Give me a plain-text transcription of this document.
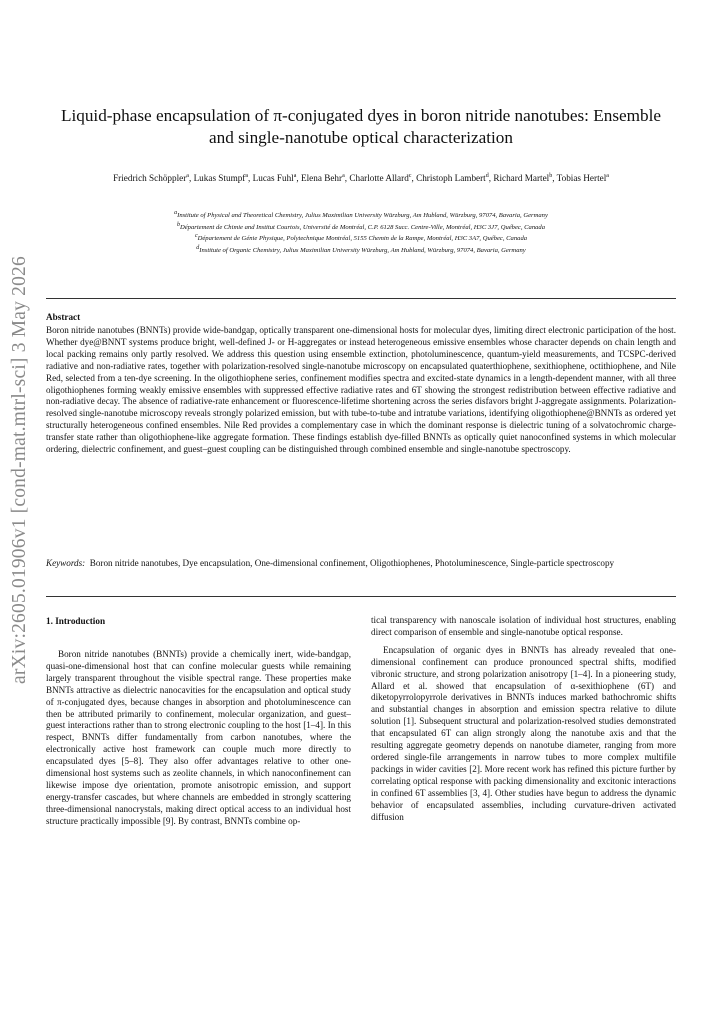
arXiv:2605.01906v1 [cond-mat.mtrl-sci] 3 May 2026
Liquid-phase encapsulation of π-conjugated dyes in boron nitride nanotubes: Ensemble and single-nanotube optical characterization
Friedrich Schöppler$^a$, Lukas Stumpf$^a$, Lucas Fuhl$^a$, Elena Behr$^a$, Charlotte Allard$^c$, Christoph Lambert$^d$, Richard Martel$^b$, Tobias Hertel$^a$
$^a$Institute of Physical and Theoretical Chemistry, Julius Maximilian University Würzburg, Am Hubland, Würzburg, 97074, Bavaria, Germany
$^b$Département de Chimie and Institut Courtois, Université de Montréal, C.P. 6128 Succ. Centre-Ville, Montréal, H3C 3J7, Québec, Canada
$^c$Département de Génie Physique, Polytechnique Montréal, 5155 Chemin de la Rampe, Montréal, H3C 3A7, Québec, Canada
$^d$Institute of Organic Chemistry, Julius Maximilian University Würzburg, Am Hubland, Würzburg, 97074, Bavaria, Germany
Abstract
Boron nitride nanotubes (BNNTs) provide wide-bandgap, optically transparent one-dimensional hosts for molecular dyes, limiting direct electronic participation of the host. Whether dye@BNNT systems produce bright, well-defined J- or H-aggregates or instead heterogeneous emissive ensembles whose character depends on chain length and local packing remains only partly resolved. We address this question using ensemble extinction, photoluminescence, quantum-yield measurements, and TCSPC-derived radiative and non-radiative rates, together with polarization-resolved single-nanotube microscopy on encapsulated quaterthiophene, sexithiophene, octithiophene, and Nile Red, selected from a ten-dye screening. In the oligothiophene series, confinement modifies spectra and excited-state dynamics in a length-dependent manner, with all three oligothiophenes forming weakly emissive ensembles with suppressed effective radiative rates and 6T showing the strongest redistribution between effective radiative and non-radiative decay. The absence of radiative-rate enhancement or fluorescence-lifetime shortening across the series disfavors bright J-aggregate assignments. Polarization-resolved single-nanotube microscopy reveals strongly polarized emission, but with tube-to-tube and intratube variations, identifying oligothiophene@BNNTs as ordered yet structurally heterogeneous confined ensembles. Nile Red provides a complementary case in which the dominant response is dielectric tuning of a solvatochromic charge-transfer state rather than oligothiophene-like aggregate formation. These findings establish dye-filled BNNTs as optically quiet nanoconfined systems in which molecular ordering, dielectric confinement, and guest–guest coupling can be distinguished through combined ensemble and single-nanotube spectroscopy.
Keywords: Boron nitride nanotubes, Dye encapsulation, One-dimensional confinement, Oligothiophenes, Photoluminescence, Single-particle spectroscopy
1. Introduction

Boron nitride nanotubes (BNNTs) provide a chemically inert, wide-bandgap, quasi-one-dimensional host that can confine molecular guests while remaining largely transparent throughout the visible spectral range. These properties make BNNTs attractive as dielectric nanocavities for the encapsulation and optical study of π-conjugated dyes, because changes in absorption and photoluminescence can then be attributed primarily to confinement, molecular organization, and guest–guest interactions rather than to strong electronic coupling to the host [1–4]. In this respect, BNNTs differ fundamentally from carbon nanotubes, where the electronically active host framework can couple much more directly to encapsulated dyes [5–8]. They also offer advantages relative to other one-dimensional host systems such as zeolite channels, in which nanoconfinement can likewise impose dye orientation, promote anisotropic emission, and support energy-transfer cascades, but where channels are embedded in strongly scattering three-dimensional nanocrystals, making direct optical access to an individual host structure practically impossible [9]. By contrast, BNNTs combine op-

tical transparency with nanoscale isolation of individual host structures, enabling direct comparison of ensemble and single-nanotube optical response.

Encapsulation of organic dyes in BNNTs has already revealed that one-dimensional confinement can produce pronounced spectral shifts, modified vibronic structure, and strong polarization anisotropy [1–4]. In a pioneering study, Allard et al. showed that encapsulation of α-sexithiophene (6T) and diketopyrrolopyrrole derivatives in BNNTs induces marked bathochromic shifts and substantial changes in absorption and emission spectra relative to dilute solution [1]. Subsequent structural and polarization-resolved studies demonstrated that encapsulated 6T can align strongly along the nanotube axis and that the resulting aggregate geometry depends on nanotube diameter, ranging from more ordered single-file arrangements in narrow tubes to more complex multifile packings in wider cavities [2]. More recent work has refined this picture further by correlating optical response with packing dimensionality and excitonic interactions in confined 6T assemblies [3, 4]. Other studies have begun to address the dynamic behavior of encapsulated assemblies, including curvature-driven activated diffusion
